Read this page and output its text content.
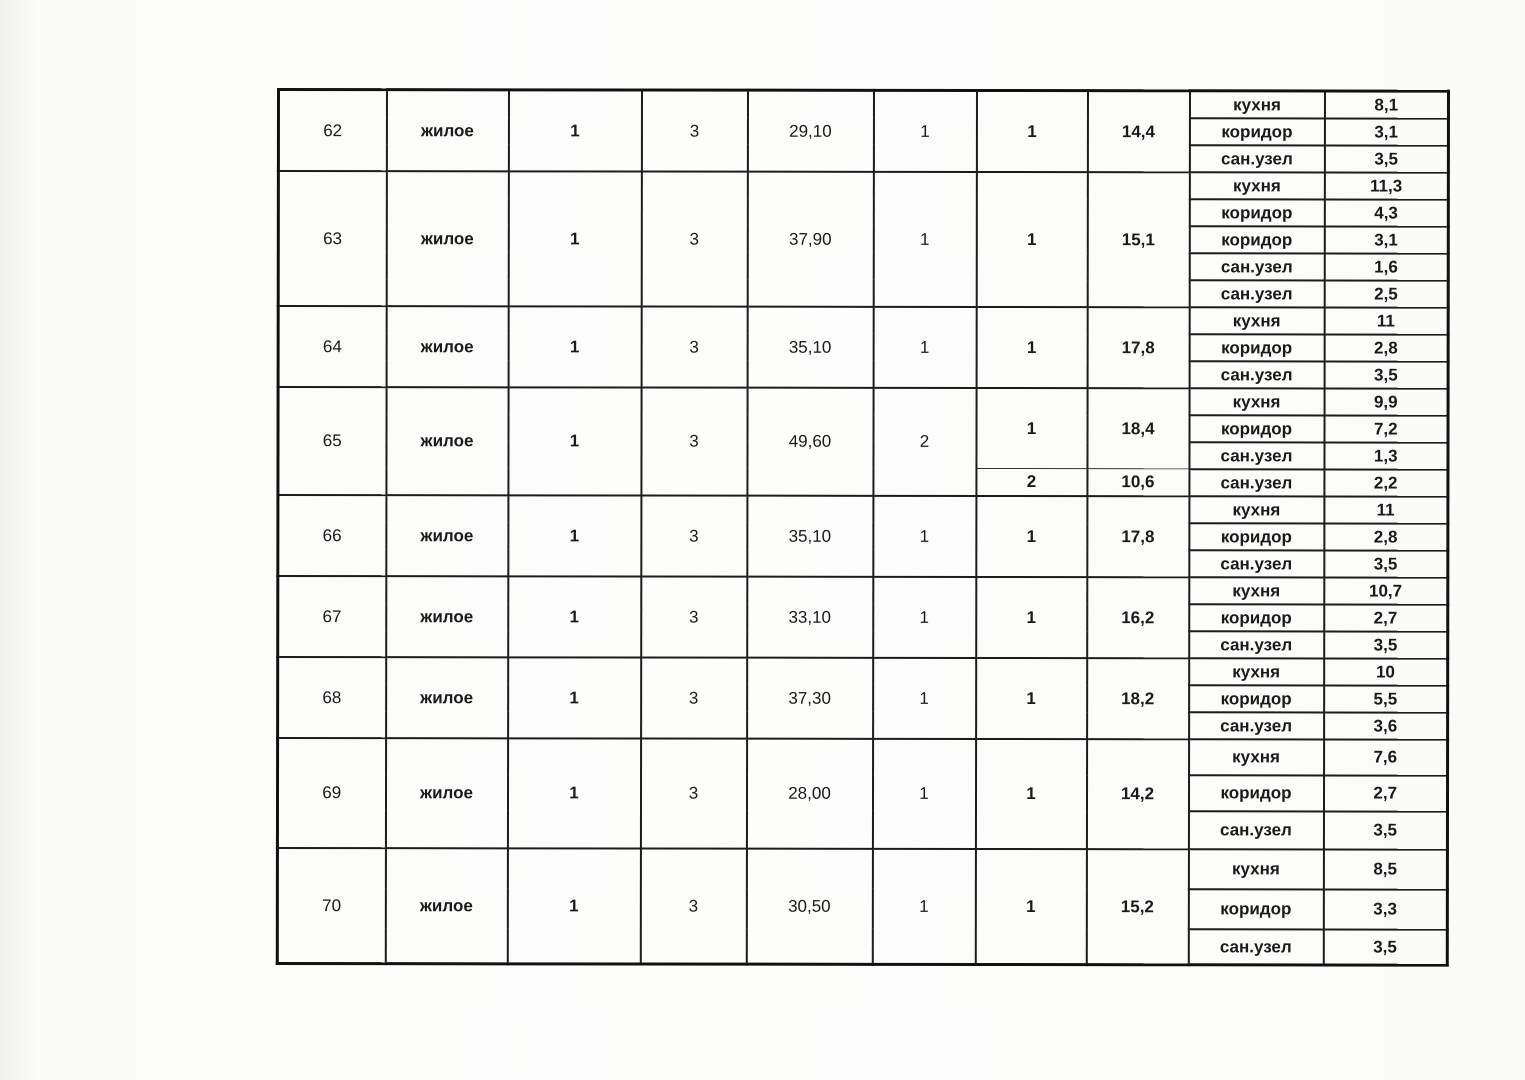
62	жилое	1	3	29,10	1	1	14,4	кухня	8,1
								коридор	3,1
								сан.узел	3,5
63	жилое	1	3	37,90	1	1	15,1	кухня	11,3
								коридор	4,3
								коридор	3,1
								сан.узел	1,6
								сан.узел	2,5
64	жилое	1	3	35,10	1	1	17,8	кухня	11
								коридор	2,8
								сан.узел	3,5
65	жилое	1	3	49,60	2	1	18,4	кухня	9,9
								коридор	7,2
								сан.узел	1,3
						2	10,6	сан.узел	2,2
66	жилое	1	3	35,10	1	1	17,8	кухня	11
								коридор	2,8
								сан.узел	3,5
67	жилое	1	3	33,10	1	1	16,2	кухня	10,7
								коридор	2,7
								сан.узел	3,5
68	жилое	1	3	37,30	1	1	18,2	кухня	10
								коридор	5,5
								сан.узел	3,6
69	жилое	1	3	28,00	1	1	14,2	кухня	7,6
								коридор	2,7
								сан.узел	3,5
70	жилое	1	3	30,50	1	1	15,2	кухня	8,5
								коридор	3,3
								сан.узел	3,5
